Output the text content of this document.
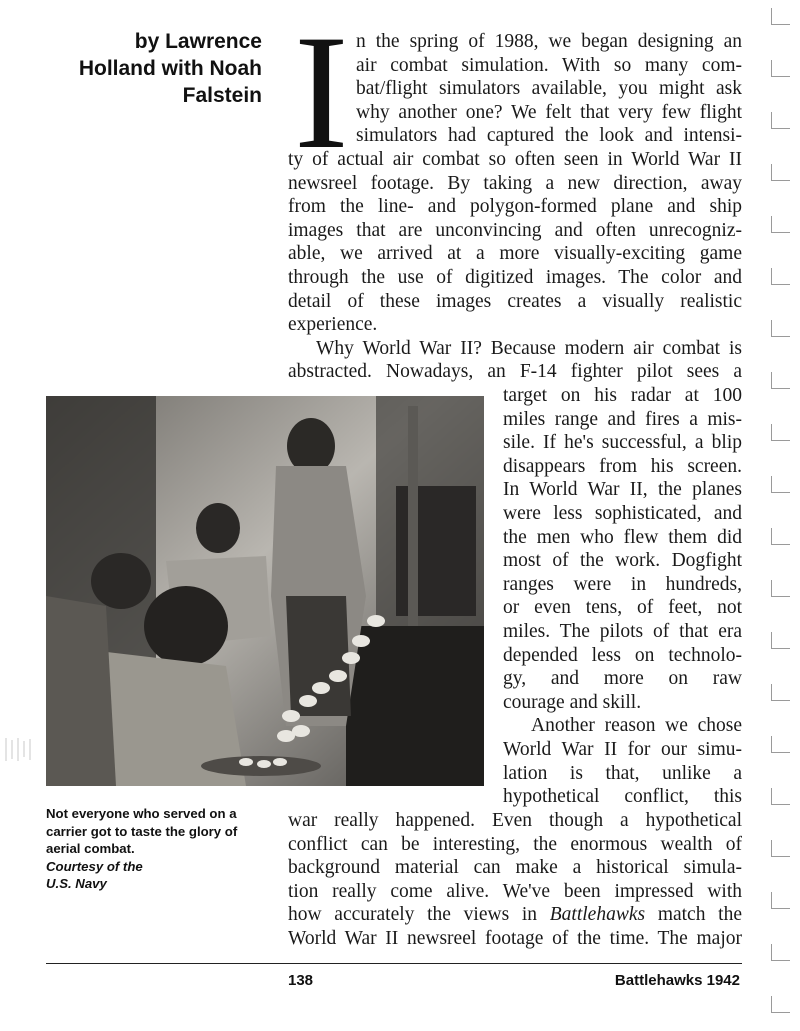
by Lawrence
Holland with Noah
Falstein I n the spring of 1988, we began designing an
air combat simulation. With so many com-
bat/flight simulators available, you might ask
why another one? We felt that very few flight
simulators had captured the look and intensi-
ty of actual air combat so often seen in World War II
newsreel footage. By taking a new direction, away
from the line- and polygon-formed plane and ship
images that are unconvincing and often unrecogniz-
able, we arrived at a more visually-exciting game
through the use of digitized images. The color and
detail of these images creates a visually realistic
experience.
Why World War II? Because modern air combat is
abstracted. Nowadays, an F-14 fighter pilot sees a
target on his radar at 100
miles range and fires a mis-
sile. If he's successful, a blip
disappears from his screen.
In World War II, the planes
were less sophisticated, and
the men who flew them did
most of the work. Dogfight
ranges were in hundreds,
or even tens, of feet, not
miles. The pilots of that era
depended less on technolo-
gy, and more on raw
courage and skill.
Another reason we chose
World War II for our simu-
lation is that, unlike a
hypothetical conflict, this
war really happened. Even though a hypothetical
conflict can be interesting, the enormous wealth of
background material can make a historical simula-
tion really come alive. We've been impressed with
how accurately the views in Battlehawks match the
World War II newsreel footage of the time. The major
Not everyone who served on a
carrier got to taste the glory of
aerial combat.
Courtesy of the
U.S. Navy
138	Battlehawks 1942
